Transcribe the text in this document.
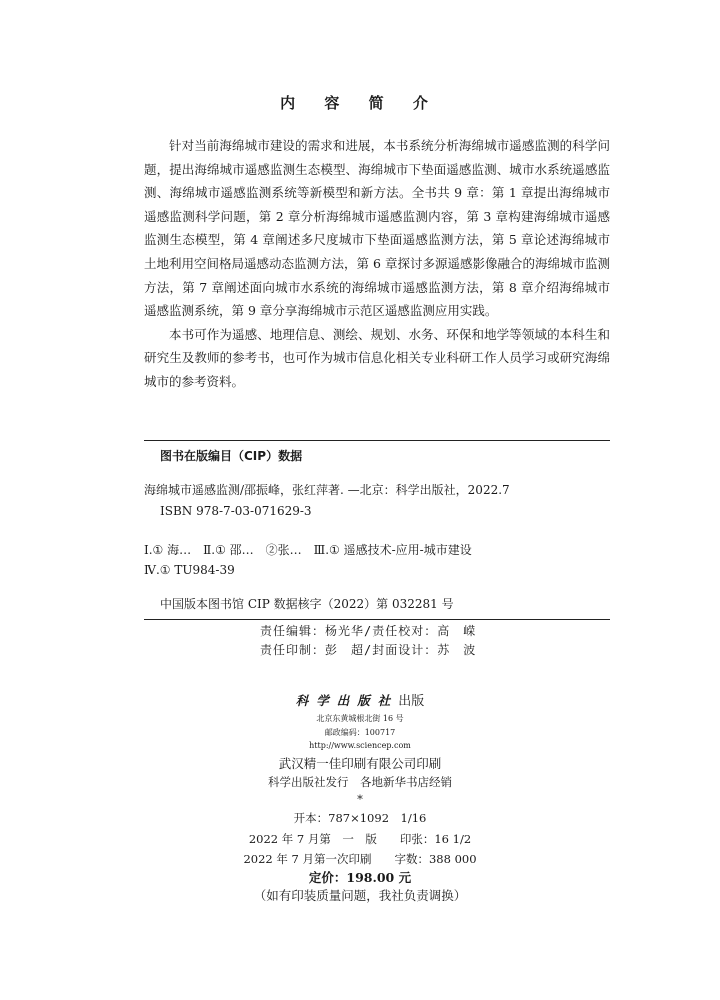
内 容 简 介

针对当前海绵城市建设的需求和进展，本书系统分析海绵城市遥感监测的科学问题，提出海绵城市遥感监测生态模型、海绵城市下垫面遥感监测、城市水系统遥感监测、海绵城市遥感监测系统等新模型和新方法。全书共 9 章：第 1 章提出海绵城市遥感监测科学问题，第 2 章分析海绵城市遥感监测内容，第 3 章构建海绵城市遥感监测生态模型，第 4 章阐述多尺度城市下垫面遥感监测方法，第 5 章论述海绵城市土地利用空间格局遥感动态监测方法，第 6 章探讨多源遥感影像融合的海绵城市监测方法，第 7 章阐述面向城市水系统的海绵城市遥感监测方法，第 8 章介绍海绵城市遥感监测系统，第 9 章分享海绵城市示范区遥感监测应用实践。

本书可作为遥感、地理信息、测绘、规划、水务、环保和地学等领域的本科生和研究生及教师的参考书，也可作为城市信息化相关专业科研工作人员学习或研究海绵城市的参考资料。

图书在版编目（CIP）数据
海绵城市遥感监测/邵振峰，张红萍著. —北京：科学出版社，2022.7
ISBN 978-7-03-071629-3
Ⅰ.① 海…　Ⅱ.① 邵…　②张…　Ⅲ.① 遥感技术-应用-城市建设
Ⅳ.① TU984-39
中国版本图书馆 CIP 数据核字（2022）第 032281 号
责任编辑：杨光华/责任校对：高　嵘
责任印制：彭　超/封面设计：苏　波
科学出版社出版
北京东黄城根北街 16 号
邮政编码：100717
http://www.sciencep.com
武汉精一佳印刷有限公司印刷
科学出版社发行　各地新华书店经销
*
开本：787×1092　1/16
2022 年 7 月第　一　版　　印张：16 1/2
2022 年 7 月第一次印刷　　字数：388 000
定价：198.00 元
（如有印装质量问题，我社负责调换）
